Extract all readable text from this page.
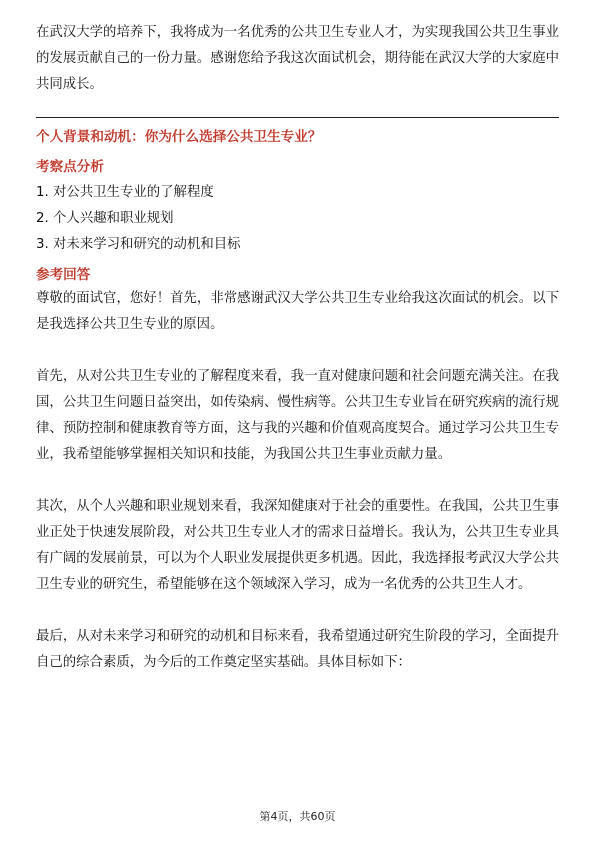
在武汉大学的培养下，我将成为一名优秀的公共卫生专业人才，为实现我国公共卫生事业的发展贡献自己的一份力量。感谢您给予我这次面试机会，期待能在武汉大学的大家庭中共同成长。

个人背景和动机：你为什么选择公共卫生专业？
考察点分析
1. 对公共卫生专业的了解程度
2. 个人兴趣和职业规划
3. 对未来学习和研究的动机和目标
参考回答

尊敬的面试官，您好！首先，非常感谢武汉大学公共卫生专业给我这次面试的机会。以下是我选择公共卫生专业的原因。

首先，从对公共卫生专业的了解程度来看，我一直对健康问题和社会问题充满关注。在我国，公共卫生问题日益突出，如传染病、慢性病等。公共卫生专业旨在研究疾病的流行规律、预防控制和健康教育等方面，这与我的兴趣和价值观高度契合。通过学习公共卫生专业，我希望能够掌握相关知识和技能，为我国公共卫生事业贡献力量。

其次，从个人兴趣和职业规划来看，我深知健康对于社会的重要性。在我国，公共卫生事业正处于快速发展阶段，对公共卫生专业人才的需求日益增长。我认为，公共卫生专业具有广阔的发展前景，可以为个人职业发展提供更多机遇。因此，我选择报考武汉大学公共卫生专业的研究生，希望能够在这个领域深入学习，成为一名优秀的公共卫生人才。

最后，从对未来学习和研究的动机和目标来看，我希望通过研究生阶段的学习，全面提升自己的综合素质，为今后的工作奠定坚实基础。具体目标如下：

第4页，共60页
